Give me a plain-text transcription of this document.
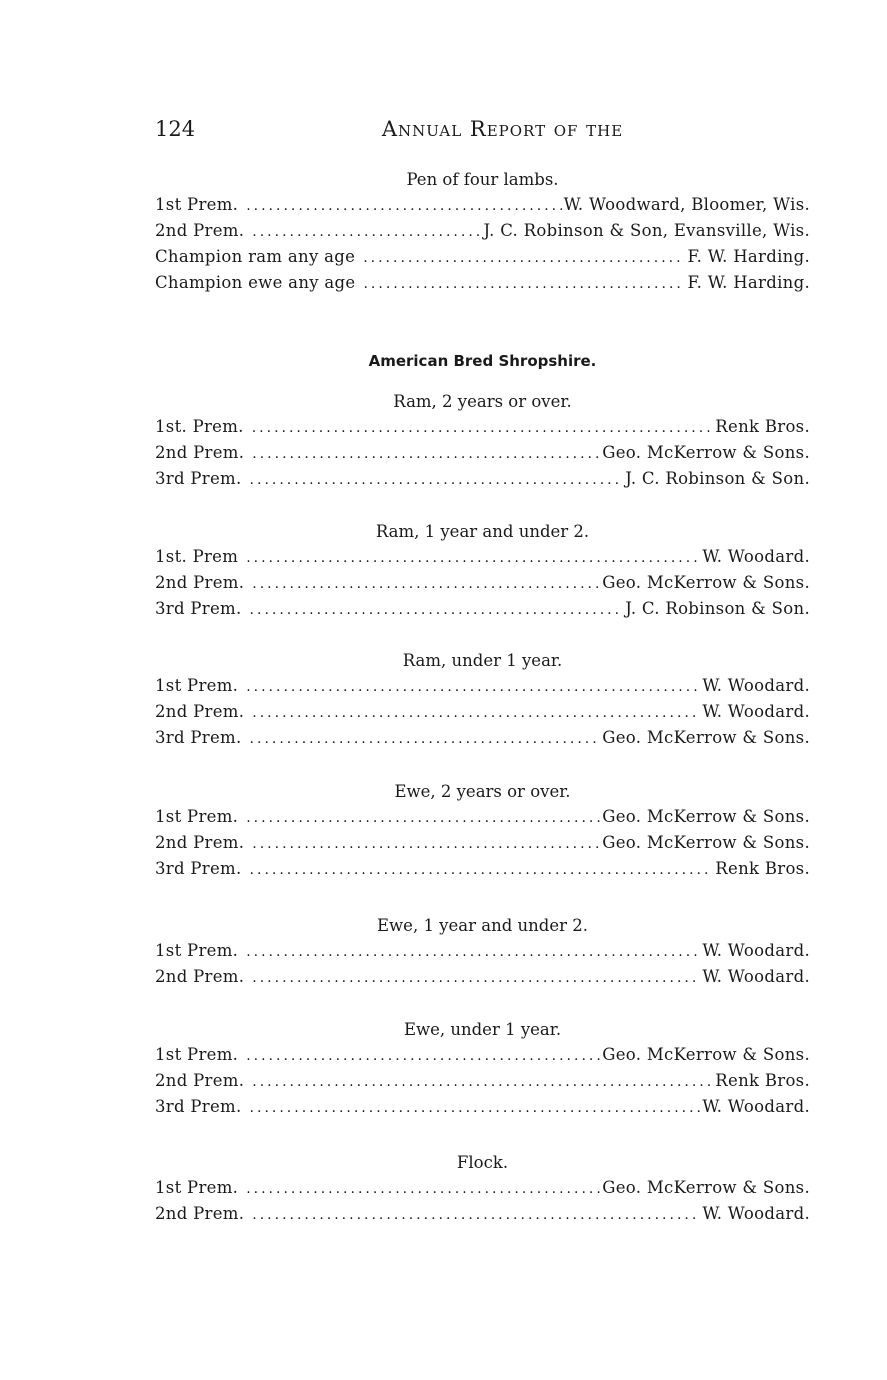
124	Annual Report of the
Pen of four lambs.
1st Prem. .....	W. Woodward, Bloomer, Wis.
2nd Prem. .....	J. C. Robinson & Son, Evansville, Wis.
Champion ram any age .....	F. W. Harding.
Champion ewe any age .....	F. W. Harding.
American Bred Shropshire.
Ram, 2 years or over.
1st. Prem. .....	Renk Bros.
2nd Prem. .....	Geo. McKerrow & Sons.
3rd Prem. .....	J. C. Robinson & Son.
Ram, 1 year and under 2.
1st. Prem .....	W. Woodard.
2nd Prem. .....	Geo. McKerrow & Sons.
3rd Prem. .....	J. C. Robinson & Son.
Ram, under 1 year.
1st Prem. .....	W. Woodard.
2nd Prem. .....	W. Woodard.
3rd Prem. .....	Geo. McKerrow & Sons.
Ewe, 2 years or over.
1st Prem. .....	Geo. McKerrow & Sons.
2nd Prem. .....	Geo. McKerrow & Sons.
3rd Prem. .....	Renk Bros.
Ewe, 1 year and under 2.
1st Prem. .....	W. Woodard.
2nd Prem. .....	W. Woodard.
Ewe, under 1 year.
1st Prem. .....	Geo. McKerrow & Sons.
2nd Prem. .....	Renk Bros.
3rd Prem. .....	W. Woodard.
Flock.
1st Prem. .....	Geo. McKerrow & Sons.
2nd Prem. .....	W. Woodard.
